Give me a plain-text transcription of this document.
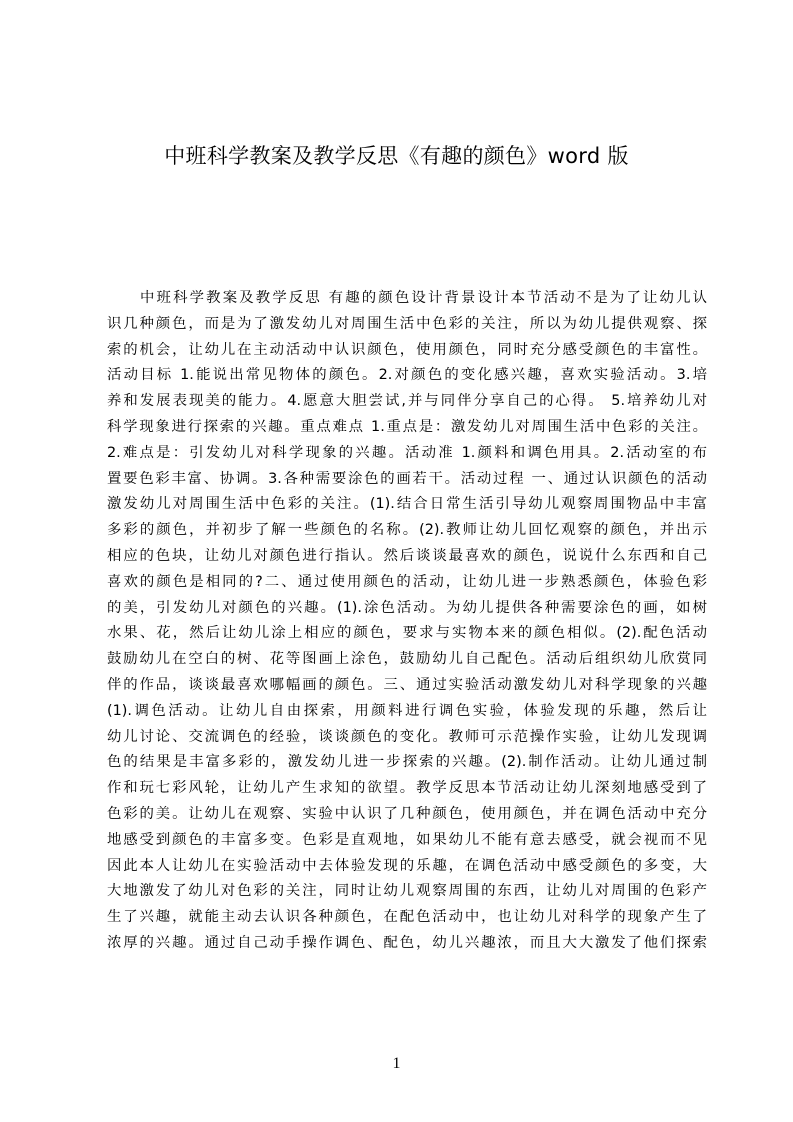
中班科学教案及教学反思《有趣的颜色》word 版
中班科学教案及教学反思 有趣的颜色设计背景设计本节活动不是为了让幼儿认
识几种颜色，而是为了激发幼儿对周围生活中色彩的关注，所以为幼儿提供观察、探
索的机会，让幼儿在主动活动中认识颜色，使用颜色，同时充分感受颜色的丰富性。
活动目标 1.能说出常见物体的颜色。2.对颜色的变化感兴趣，喜欢实验活动。3.培
养和发展表现美的能力。4.愿意大胆尝试,并与同伴分享自己的心得。 5.培养幼儿对
科学现象进行探索的兴趣。重点难点 1.重点是：激发幼儿对周围生活中色彩的关注。
2.难点是：引发幼儿对科学现象的兴趣。活动准 1.颜料和调色用具。2.活动室的布
置要色彩丰富、协调。3.各种需要涂色的画若干。活动过程 一、通过认识颜色的活动
激发幼儿对周围生活中色彩的关注。(1).结合日常生活引导幼儿观察周围物品中丰富
多彩的颜色，并初步了解一些颜色的名称。(2).教师让幼儿回忆观察的颜色，并出示
相应的色块，让幼儿对颜色进行指认。然后谈谈最喜欢的颜色，说说什么东西和自己
喜欢的颜色是相同的?二、通过使用颜色的活动，让幼儿进一步熟悉颜色，体验色彩
的美，引发幼儿对颜色的兴趣。(1).涂色活动。为幼儿提供各种需要涂色的画，如树
水果、花，然后让幼儿涂上相应的颜色，要求与实物本来的颜色相似。(2).配色活动
鼓励幼儿在空白的树、花等图画上涂色，鼓励幼儿自己配色。活动后组织幼儿欣赏同
伴的作品，谈谈最喜欢哪幅画的颜色。三、通过实验活动激发幼儿对科学现象的兴趣
(1).调色活动。让幼儿自由探索，用颜料进行调色实验，体验发现的乐趣，然后让
幼儿讨论、交流调色的经验，谈谈颜色的变化。教师可示范操作实验，让幼儿发现调
色的结果是丰富多彩的，激发幼儿进一步探索的兴趣。(2).制作活动。让幼儿通过制
作和玩七彩风轮，让幼儿产生求知的欲望。教学反思本节活动让幼儿深刻地感受到了
色彩的美。让幼儿在观察、实验中认识了几种颜色，使用颜色，并在调色活动中充分
地感受到颜色的丰富多变。色彩是直观地，如果幼儿不能有意去感受，就会视而不见
因此本人让幼儿在实验活动中去体验发现的乐趣，在调色活动中感受颜色的多变，大
大地激发了幼儿对色彩的关注，同时让幼儿观察周围的东西，让幼儿对周围的色彩产
生了兴趣，就能主动去认识各种颜色，在配色活动中，也让幼儿对科学的现象产生了
浓厚的兴趣。通过自己动手操作调色、配色，幼儿兴趣浓，而且大大激发了他们探索
1
